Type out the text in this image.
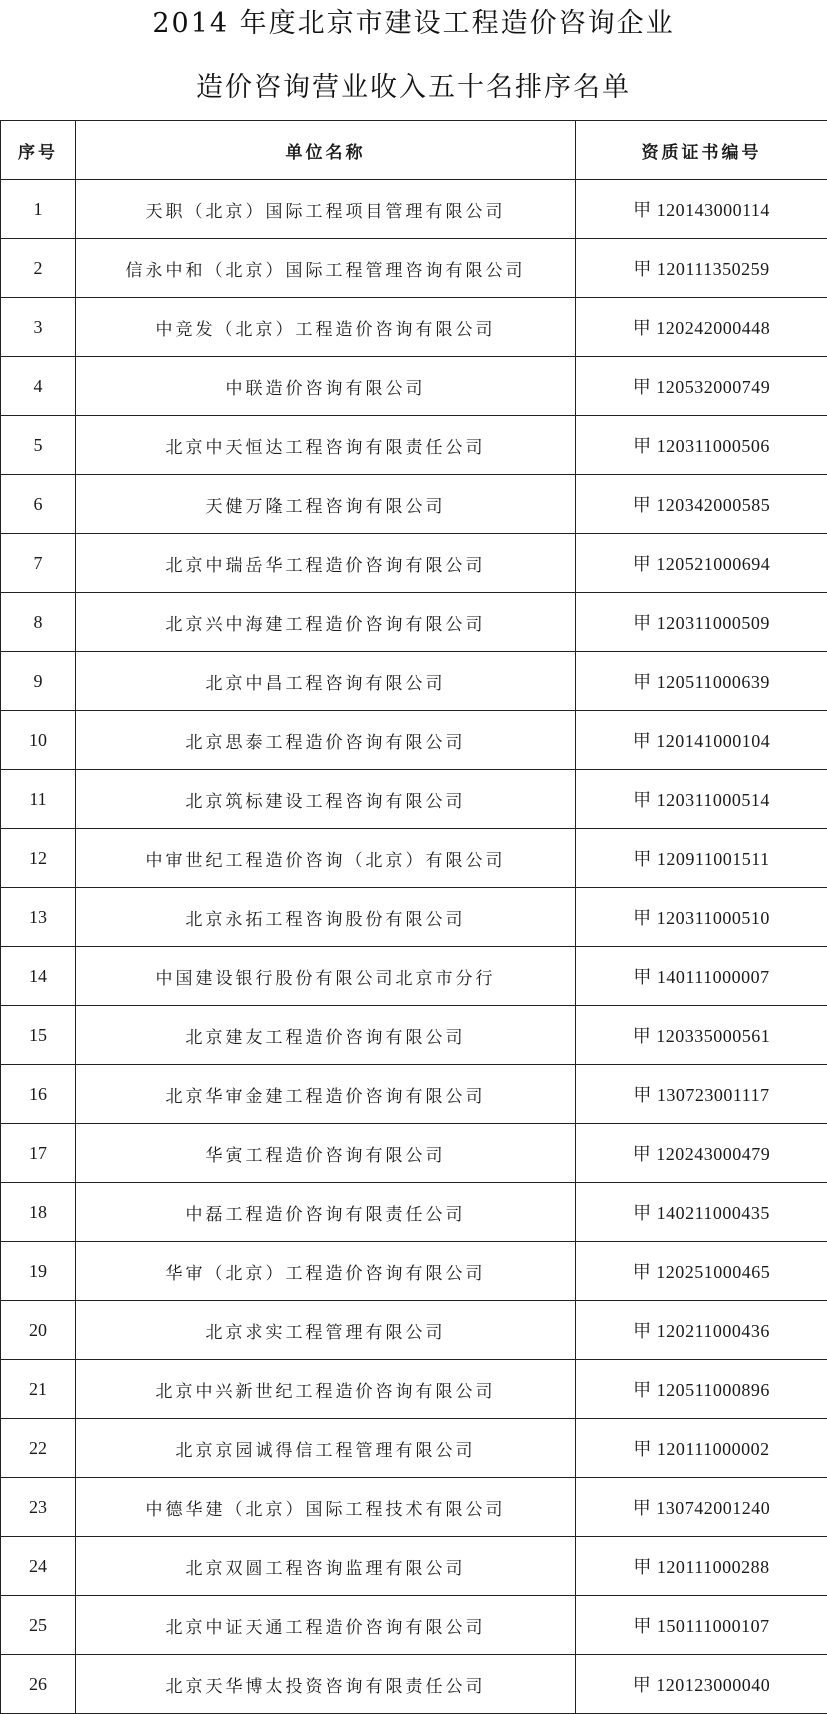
2014 年度北京市建设工程造价咨询企业
造价咨询营业收入五十名排序名单
序号	单位名称	资质证书编号
1	天职（北京）国际工程项目管理有限公司	甲 120143000114
2	信永中和（北京）国际工程管理咨询有限公司	甲 120111350259
3	中竞发（北京）工程造价咨询有限公司	甲 120242000448
4	中联造价咨询有限公司	甲 120532000749
5	北京中天恒达工程咨询有限责任公司	甲 120311000506
6	天健万隆工程咨询有限公司	甲 120342000585
7	北京中瑞岳华工程造价咨询有限公司	甲 120521000694
8	北京兴中海建工程造价咨询有限公司	甲 120311000509
9	北京中昌工程咨询有限公司	甲 120511000639
10	北京思泰工程造价咨询有限公司	甲 120141000104
11	北京筑标建设工程咨询有限公司	甲 120311000514
12	中审世纪工程造价咨询（北京）有限公司	甲 120911001511
13	北京永拓工程咨询股份有限公司	甲 120311000510
14	中国建设银行股份有限公司北京市分行	甲 140111000007
15	北京建友工程造价咨询有限公司	甲 120335000561
16	北京华审金建工程造价咨询有限公司	甲 130723001117
17	华寅工程造价咨询有限公司	甲 120243000479
18	中磊工程造价咨询有限责任公司	甲 140211000435
19	华审（北京）工程造价咨询有限公司	甲 120251000465
20	北京求实工程管理有限公司	甲 120211000436
21	北京中兴新世纪工程造价咨询有限公司	甲 120511000896
22	北京京园诚得信工程管理有限公司	甲 120111000002
23	中德华建（北京）国际工程技术有限公司	甲 130742001240
24	北京双圆工程咨询监理有限公司	甲 120111000288
25	北京中证天通工程造价咨询有限公司	甲 150111000107
26	北京天华博太投资咨询有限责任公司	甲 120123000040
